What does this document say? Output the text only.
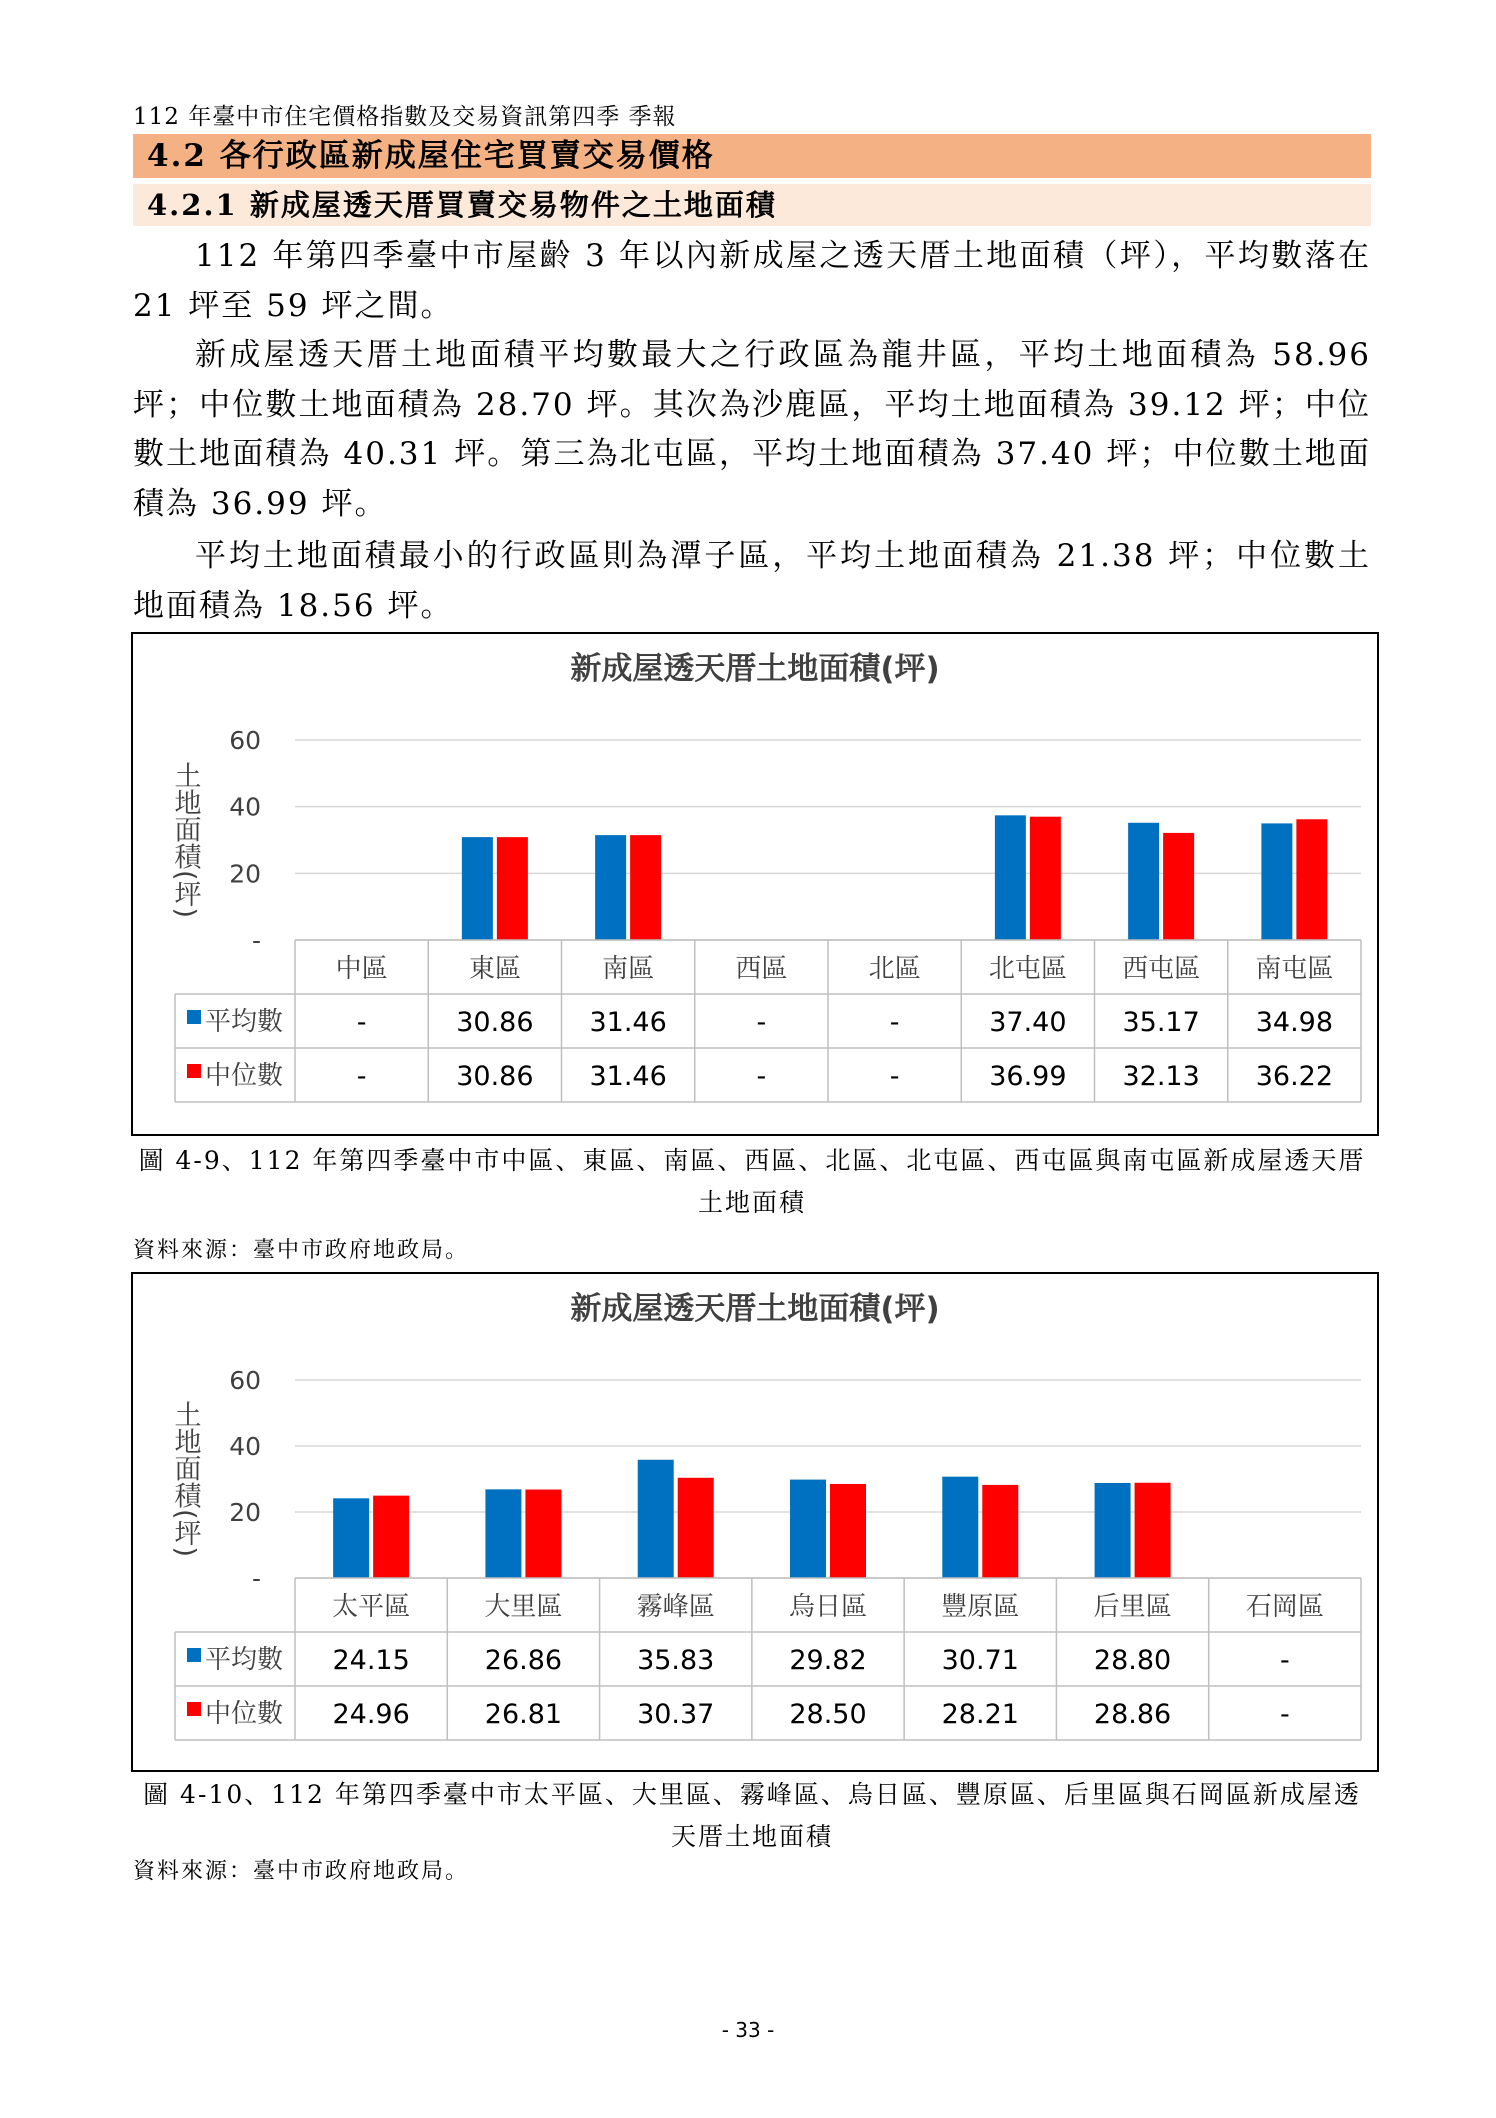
112 年臺中市住宅價格指數及交易資訊第四季 季報
4.2 各行政區新成屋住宅買賣交易價格
4.2.1 新成屋透天厝買賣交易物件之土地面積

112 年第四季臺中市屋齡 3 年以內新成屋之透天厝土地面積（坪），平均數落在 21 坪至 59 坪之間。

新成屋透天厝土地面積平均數最大之行政區為龍井區，平均土地面積為 58.96 坪；中位數土地面積為 28.70 坪。其次為沙鹿區，平均土地面積為 39.12 坪；中位數土地面積為 40.31 坪。第三為北屯區，平均土地面積為 37.40 坪；中位數土地面積為 36.99 坪。

平均土地面積最小的行政區則為潭子區，平均土地面積為 21.38 坪；中位數土地面積為 18.56 坪。

新成屋透天厝土地面積(坪)
-
20
40
60
土地面積(坪)
中區	東區	南區	西區	北區	北屯區 西屯區 南屯區
平均數	-	30.86 31.46	-	-	37.40 35.17 34.98
中位數	-	30.86 31.46	-	-	36.99 32.13 36.22
圖 4-9、112 年第四季臺中市中區、東區、南區、西區、北區、北屯區、西屯區與南屯區新成屋透天厝土地面積
資料來源：臺中市政府地政局。
新成屋透天厝土地面積(坪)
-
20
40
60
土地面積(坪)
太平區	大里區	霧峰區	烏日區	豐原區	后里區	石岡區
平均數 24.15	26.86	35.83	29.82	30.71	28.80	-
中位數 24.96	26.81	30.37	28.50	28.21	28.86	-
圖 4-10、112 年第四季臺中市太平區、大里區、霧峰區、烏日區、豐原區、后里區與石岡區新成屋透天厝土地面積
資料來源：臺中市政府地政局。
- 33 -
